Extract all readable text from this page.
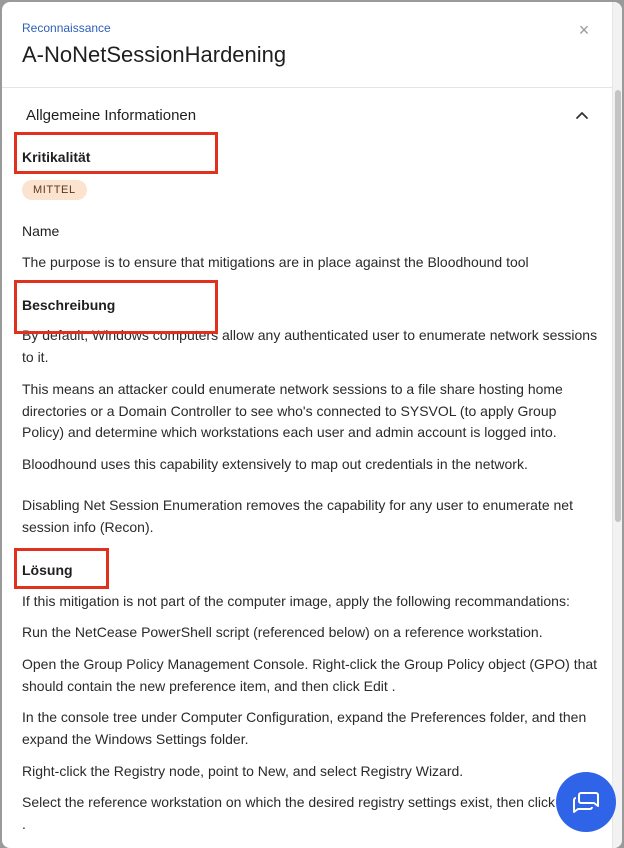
Reconnaissance
A-NoNetSessionHardening
×
Allgemeine Informationen
Kritikalität
MITTEL
Name
The purpose is to ensure that mitigations are in place against the Bloodhound tool
Beschreibung
By default, Windows computers allow any authenticated user to enumerate network sessions to it.
This means an attacker could enumerate network sessions to a file share hosting home directories or a Domain Controller to see who's connected to SYSVOL (to apply Group Policy) and determine which workstations each user and admin account is logged into.
Bloodhound uses this capability extensively to map out credentials in the network.
Disabling Net Session Enumeration removes the capability for any user to enumerate net session info (Recon).
Lösung
If this mitigation is not part of the computer image, apply the following recommandations:
Run the NetCease PowerShell script (referenced below) on a reference workstation.
Open the Group Policy Management Console. Right-click the Group Policy object (GPO) that should contain the new preference item, and then click Edit .
In the console tree under Computer Configuration, expand the Preferences folder, and then expand the Windows Settings folder.
Right-click the Registry node, point to New, and select Registry Wizard.
Select the reference workstation on which the desired registry settings exist, then click
.
